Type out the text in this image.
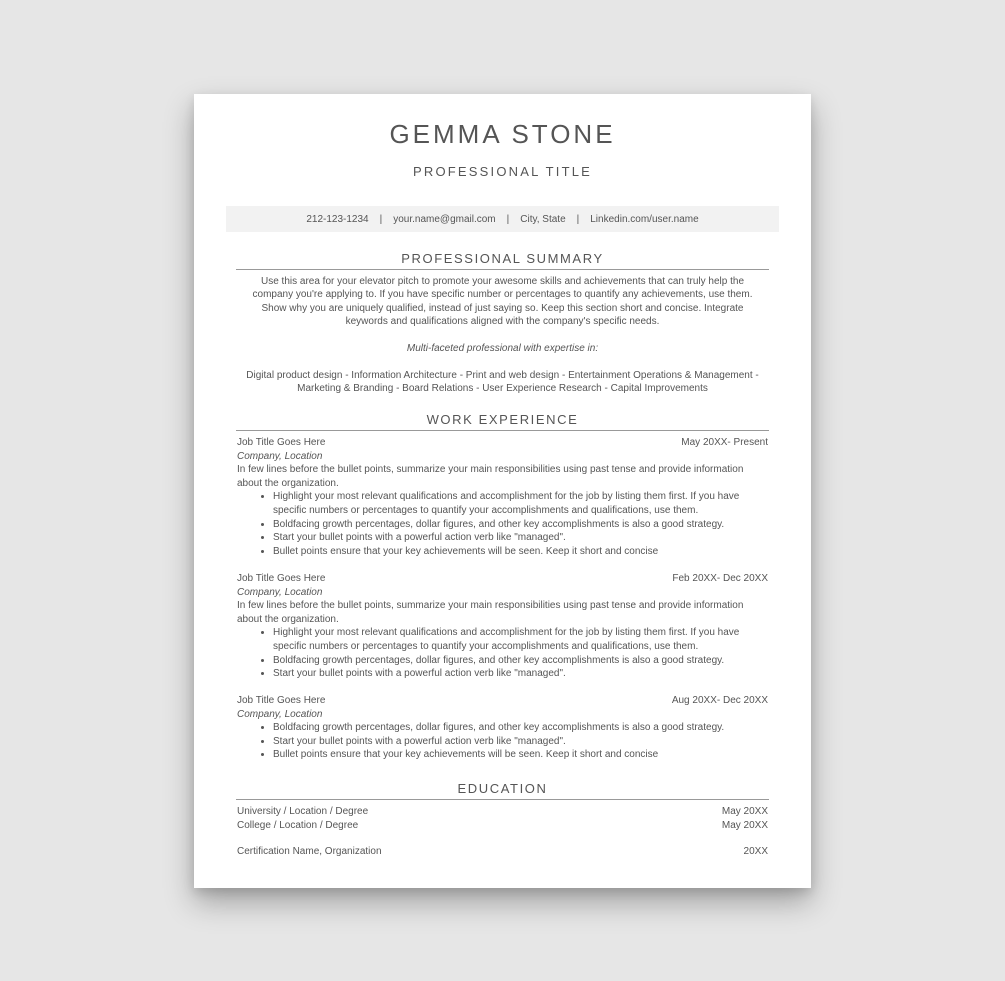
GEMMA STONE
PROFESSIONAL TITLE
212-123-1234 | your.name@gmail.com | City, State | Linkedin.com/user.name
PROFESSIONAL SUMMARY
Use this area for your elevator pitch to promote your awesome skills and achievements that can truly help the company you're applying to. If you have specific number or percentages to quantify any achievements, use them. Show why you are uniquely qualified, instead of just saying so. Keep this section short and concise. Integrate keywords and qualifications aligned with the company's specific needs.
Multi-faceted professional with expertise in:
Digital product design - Information Architecture - Print and web design - Entertainment Operations & Management -
Marketing & Branding - Board Relations - User Experience Research - Capital Improvements
WORK EXPERIENCE
Job Title Goes Here	May 20XX- Present
Company, Location
In few lines before the bullet points, summarize your main responsibilities using past tense and provide information about the organization.
• Highlight your most relevant qualifications and accomplishment for the job by listing them first. If you have specific numbers or percentages to quantify your accomplishments and qualifications, use them.
• Boldfacing growth percentages, dollar figures, and other key accomplishments is also a good strategy.
• Start your bullet points with a powerful action verb like "managed".
• Bullet points ensure that your key achievements will be seen. Keep it short and concise
Job Title Goes Here	Feb 20XX- Dec 20XX
Company, Location
In few lines before the bullet points, summarize your main responsibilities using past tense and provide information about the organization.
• Highlight your most relevant qualifications and accomplishment for the job by listing them first. If you have specific numbers or percentages to quantify your accomplishments and qualifications, use them.
• Boldfacing growth percentages, dollar figures, and other key accomplishments is also a good strategy.
• Start your bullet points with a powerful action verb like "managed".
Job Title Goes Here	Aug 20XX- Dec 20XX
Company, Location
• Boldfacing growth percentages, dollar figures, and other key accomplishments is also a good strategy.
• Start your bullet points with a powerful action verb like "managed".
• Bullet points ensure that your key achievements will be seen. Keep it short and concise
EDUCATION
University / Location / Degree	May 20XX
College / Location / Degree	May 20XX
Certification Name, Organization	20XX
